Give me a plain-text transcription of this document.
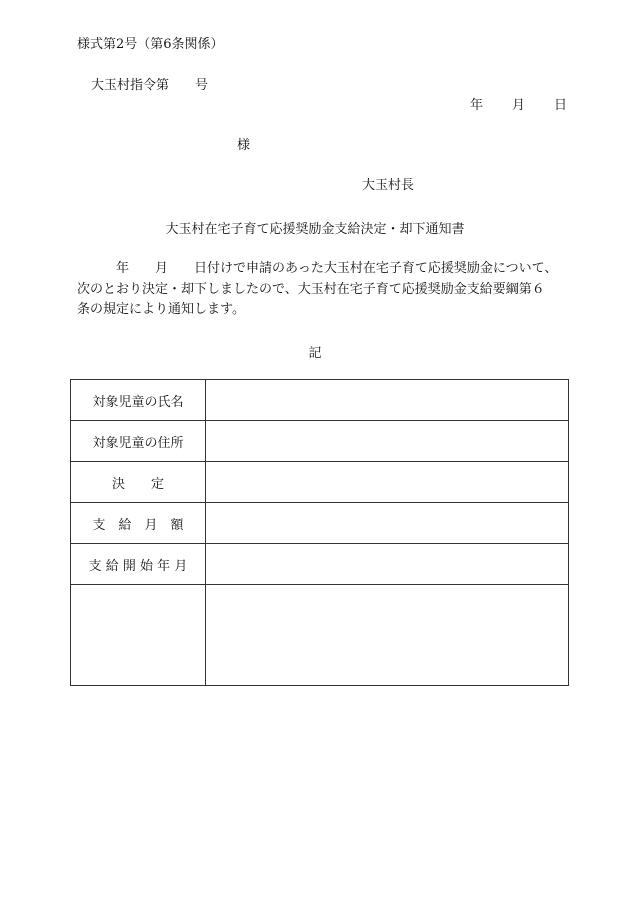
様式第2号（第6条関係）
大玉村指令第　　号
年 月 日
様
大玉村長
大玉村在宅子育て応援奨励金支給決定・却下通知書
　　　年　　月　　日付けで申請のあった大玉村在宅子育て応援奨励金について、
次のとおり決定・却下しましたので、大玉村在宅子育て応援奨励金支給要綱第６
条の規定により通知します。
記
対象児童の氏名	
対象児童の住所	
決　　定	
支　給　月　額	
支 給 開 始 年 月	
